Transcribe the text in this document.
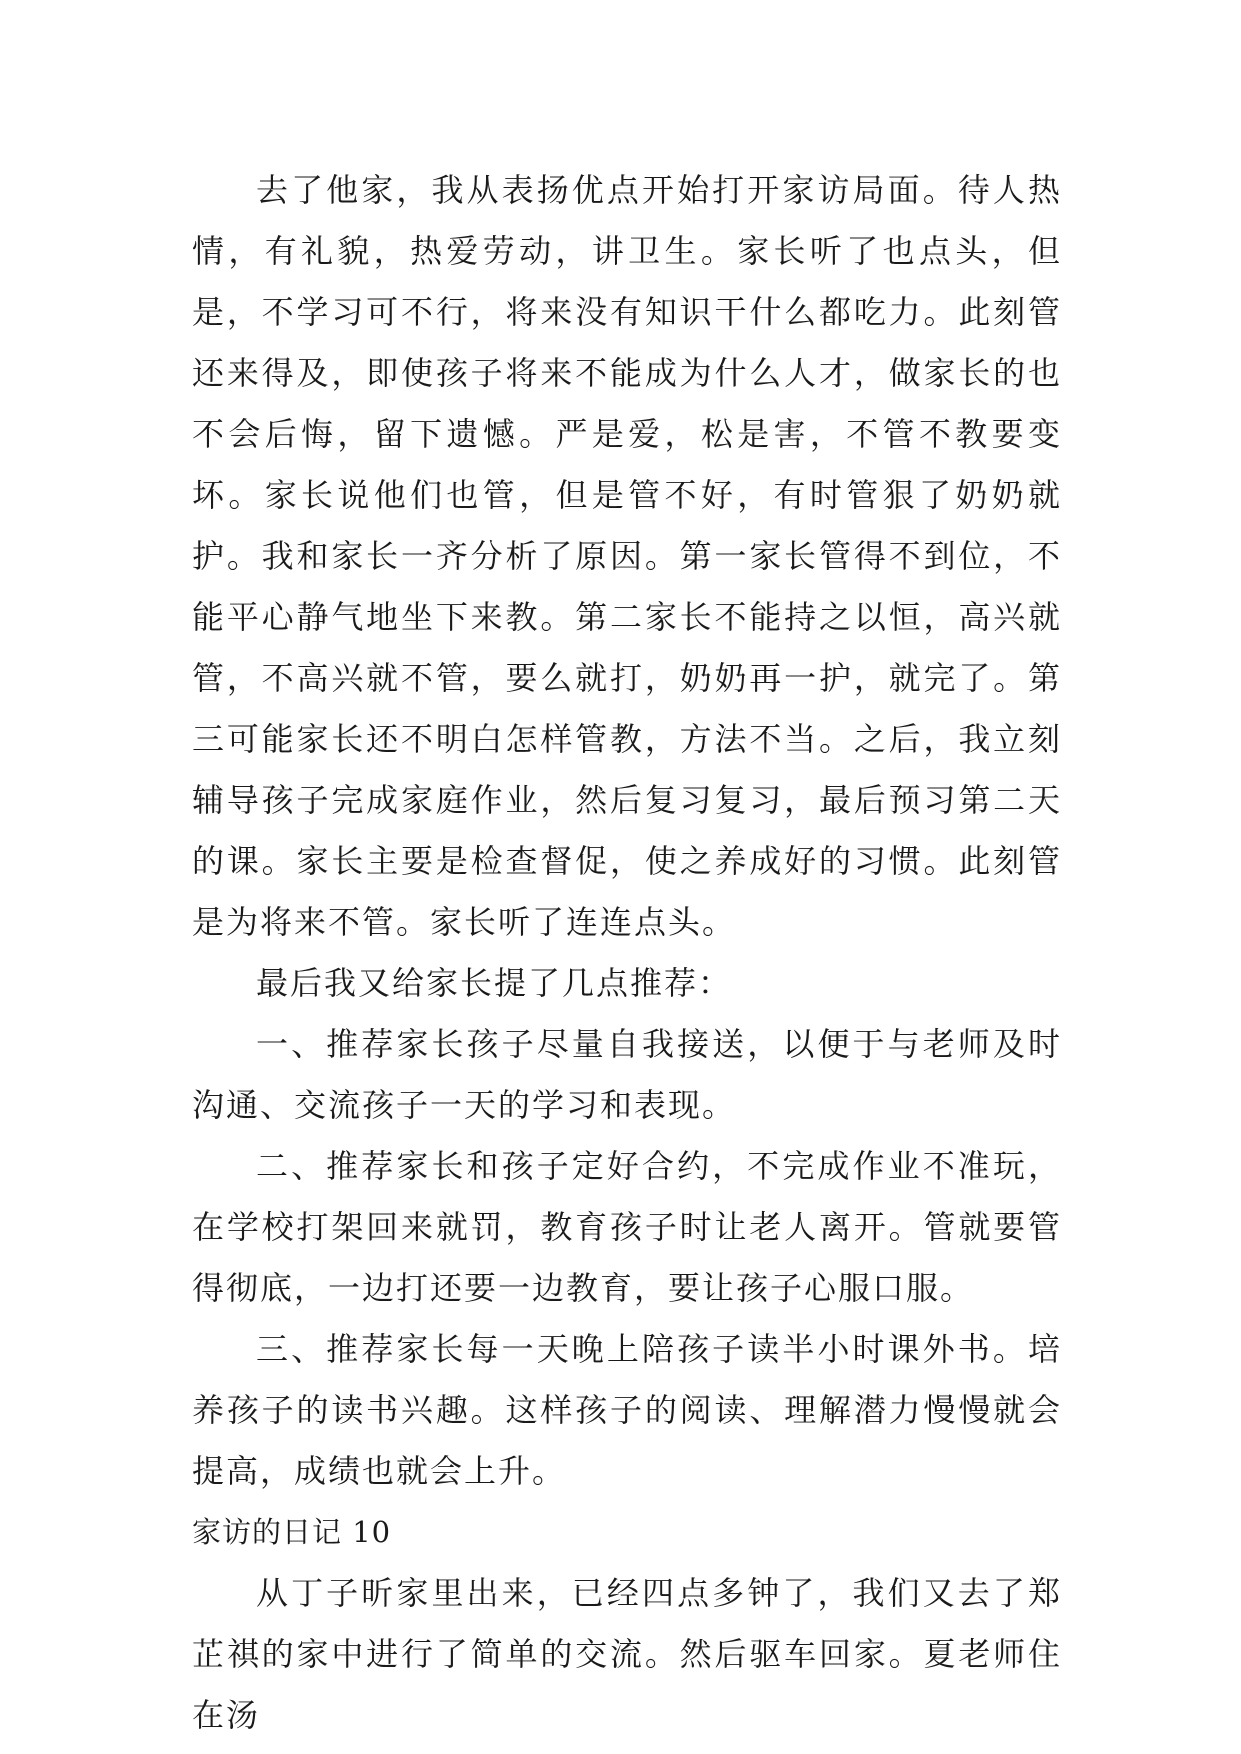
去了他家，我从表扬优点开始打开家访局面。待人热情，有礼貌，热爱劳动，讲卫生。家长听了也点头，但是，不学习可不行，将来没有知识干什么都吃力。此刻管还来得及，即使孩子将来不能成为什么人才，做家长的也不会后悔，留下遗憾。严是爱，松是害，不管不教要变坏。家长说他们也管，但是管不好，有时管狠了奶奶就护。我和家长一齐分析了原因。第一家长管得不到位，不能平心静气地坐下来教。第二家长不能持之以恒，高兴就管，不高兴就不管，要么就打，奶奶再一护，就完了。第三可能家长还不明白怎样管教，方法不当。之后，我立刻辅导孩子完成家庭作业，然后复习复习，最后预习第二天的课。家长主要是检查督促，使之养成好的习惯。此刻管是为将来不管。家长听了连连点头。

最后我又给家长提了几点推荐：

一、推荐家长孩子尽量自我接送，以便于与老师及时沟通、交流孩子一天的学习和表现。

二、推荐家长和孩子定好合约，不完成作业不准玩，在学校打架回来就罚，教育孩子时让老人离开。管就要管得彻底，一边打还要一边教育，要让孩子心服口服。

三、推荐家长每一天晚上陪孩子读半小时课外书。培养孩子的读书兴趣。这样孩子的阅读、理解潜力慢慢就会提高，成绩也就会上升。

家访的日记 10

从丁子昕家里出来，已经四点多钟了，我们又去了郑芷祺的家中进行了简单的交流。然后驱车回家。夏老师住在汤
